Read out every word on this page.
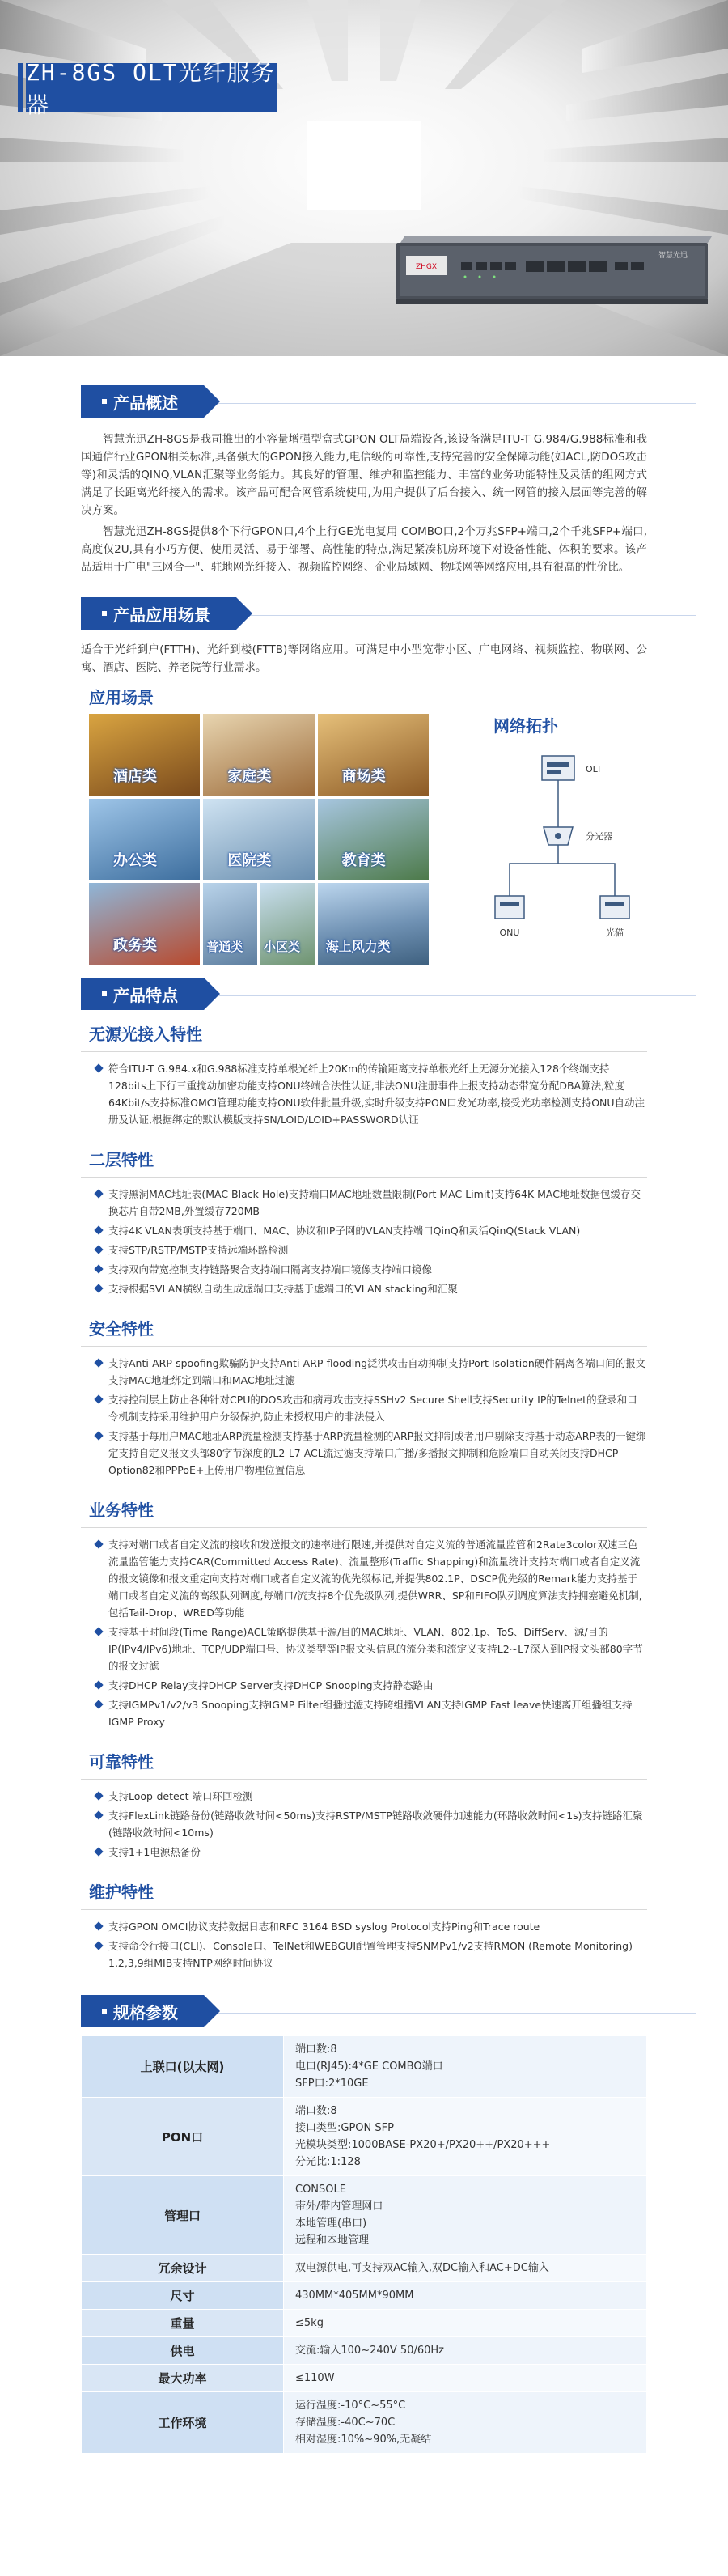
ZH-8GS OLT光纤服务器
ZHGX
智慧光迅
产品概述

智慧光迅ZH-8GS是我司推出的小容量增强型盒式GPON OLT局端设备,该设备满足ITU-T G.984/G.988标准和我国通信行业GPON相关标准,具备强大的GPON接入能力,电信级的可靠性,支持完善的安全保障功能(如ACL,防DOS攻击等)和灵活的QINQ,VLAN汇聚等业务能力。其良好的管理、维护和监控能力、丰富的业务功能特性及灵活的组网方式满足了长距离光纤接入的需求。该产品可配合网管系统使用,为用户提供了后台接入、统一网管的接入层面等完善的解决方案。

智慧光迅ZH-8GS提供8个下行GPON口,4个上行GE光电复用 COMBO口,2个万兆SFP+端口,2个千兆SFP+端口,高度仅2U,具有小巧方便、使用灵活、易于部署、高性能的特点,满足紧凑机房环境下对设备性能、体积的要求。该产品适用于广电"三网合一"、驻地网光纤接入、视频监控网络、企业局域网、物联网等网络应用,具有很高的性价比。

产品应用场景
适合于光纤到户(FTTH)、光纤到楼(FTTB)等网络应用。可满足中小型宽带小区、广电网络、视频监控、物联网、公寓、酒店、医院、养老院等行业需求。
应用场景
酒店类	家庭类	商场类
办公类	医院类	教育类
政务类	普通类 小区类 海上风力类
网络拓扑
OLT
分光器
ONU	光猫
产品特点
无源光接入特性
符合ITU-T G.984.x和G.988标准支持单根光纤上20Km的传输距离支持单根光纤上无源分光接入128个终端支持128bits上下行三重搅动加密功能支持ONU终端合法性认证,非法ONU注册事件上报支持动态带宽分配DBA算法,粒度64Kbit/s支持标准OMCI管理功能支持ONU软件批量升级,实时升级支持PON口发光功率,接受光功率检测支持ONU自动注册及认证,根据绑定的默认模版支持SN/LOID/LOID+PASSWORD认证
二层特性
支持黑洞MAC地址表(MAC Black Hole)支持端口MAC地址数量限制(Port MAC Limit)支持64K MAC地址数据包缓存交换芯片自带2MB,外置缓存720MB
支持4K VLAN表项支持基于端口、MAC、协议和IP子网的VLAN支持端口QinQ和灵活QinQ(Stack VLAN)
支持STP/RSTP/MSTP支持远端环路检测
支持双向带宽控制支持链路聚合支持端口隔离支持端口镜像支持端口镜像
支持根据SVLAN横纵自动生成虚端口支持基于虚端口的VLAN stacking和汇聚
安全特性
支持Anti-ARP-spoofing欺骗防护支持Anti-ARP-flooding泛洪攻击自动抑制支持Port Isolation硬件隔离各端口间的报文支持MAC地址绑定到端口和MAC地址过滤
支持控制层上防止各种针对CPU的DOS攻击和病毒攻击支持SSHv2 Secure Shell支持Security IP的Telnet的登录和口令机制支持采用维护用户分级保护,防止未授权用户的非法侵入
支持基于每用户MAC地址ARP流量检测支持基于ARP流量检测的ARP报文抑制或者用户剔除支持基于动态ARP表的一键绑定支持自定义报文头部80字节深度的L2-L7 ACL流过滤支持端口广播/多播报文抑制和危险端口自动关闭支持DHCP Option82和PPPoE+上传用户物理位置信息
业务特性
支持对端口或者自定义流的接收和发送报文的速率进行限速,并提供对自定义流的普通流量监管和2Rate3color双速三色流量监管能力支持CAR(Committed Access Rate)、流量整形(Traffic Shapping)和流量统计支持对端口或者自定义流的报文镜像和报文重定向支持对端口或者自定义流的优先级标记,并提供802.1P、DSCP优先级的Remark能力支持基于端口或者自定义流的高级队列调度,每端口/流支持8个优先级队列,提供WRR、SP和FIFO队列调度算法支持拥塞避免机制,包括Tail-Drop、WRED等功能
支持基于时间段(Time Range)ACL策略提供基于源/目的MAC地址、VLAN、802.1p、ToS、DiffServ、源/目的IP(IPv4/IPv6)地址、TCP/UDP端口号、协议类型等IP报文头信息的流分类和流定义支持L2~L7深入到IP报文头部80字节的报文过滤
支持DHCP Relay支持DHCP Server支持DHCP Snooping支持静态路由
支持IGMPv1/v2/v3 Snooping支持IGMP Filter组播过滤支持跨组播VLAN支持IGMP Fast leave快速离开组播组支持IGMP Proxy
可靠特性
支持Loop-detect 端口环回检测
支持FlexLink链路备份(链路收敛时间<50ms)支持RSTP/MSTP链路收敛硬件加速能力(环路收敛时间<1s)支持链路汇聚(链路收敛时间<10ms)
支持1+1电源热备份
维护特性
支持GPON OMCI协议支持数据日志和RFC 3164 BSD syslog Protocol支持Ping和Trace route
支持命令行接口(CLI)、Console口、TelNet和WEBGUI配置管理支持SNMPv1/v2支持RMON (Remote Monitoring) 1,2,3,9组MIB支持NTP网络时间协议
规格参数
上联口(以太网)	端口数:8
电口(RJ45):4*GE COMBO端口
SFP口:2*10GE

PON口	端口数:8
接口类型:GPON SFP
光模块类型:1000BASE-PX20+/PX20++/PX20+++
分光比:1:128

管理口	CONSOLE
带外/带内管理网口
本地管理(串口)
远程和本地管理

冗余设计	双电源供电,可支持双AC输入,双DC输入和AC+DC输入

尺寸	430MM*405MM*90MM

重量	≤5kg

供电	交流:输入100~240V 50/60Hz

最大功率	≤110W

工作环境	运行温度:-10°C~55°C
存储温度:-40C~70C
相对湿度:10%~90%,无凝结
